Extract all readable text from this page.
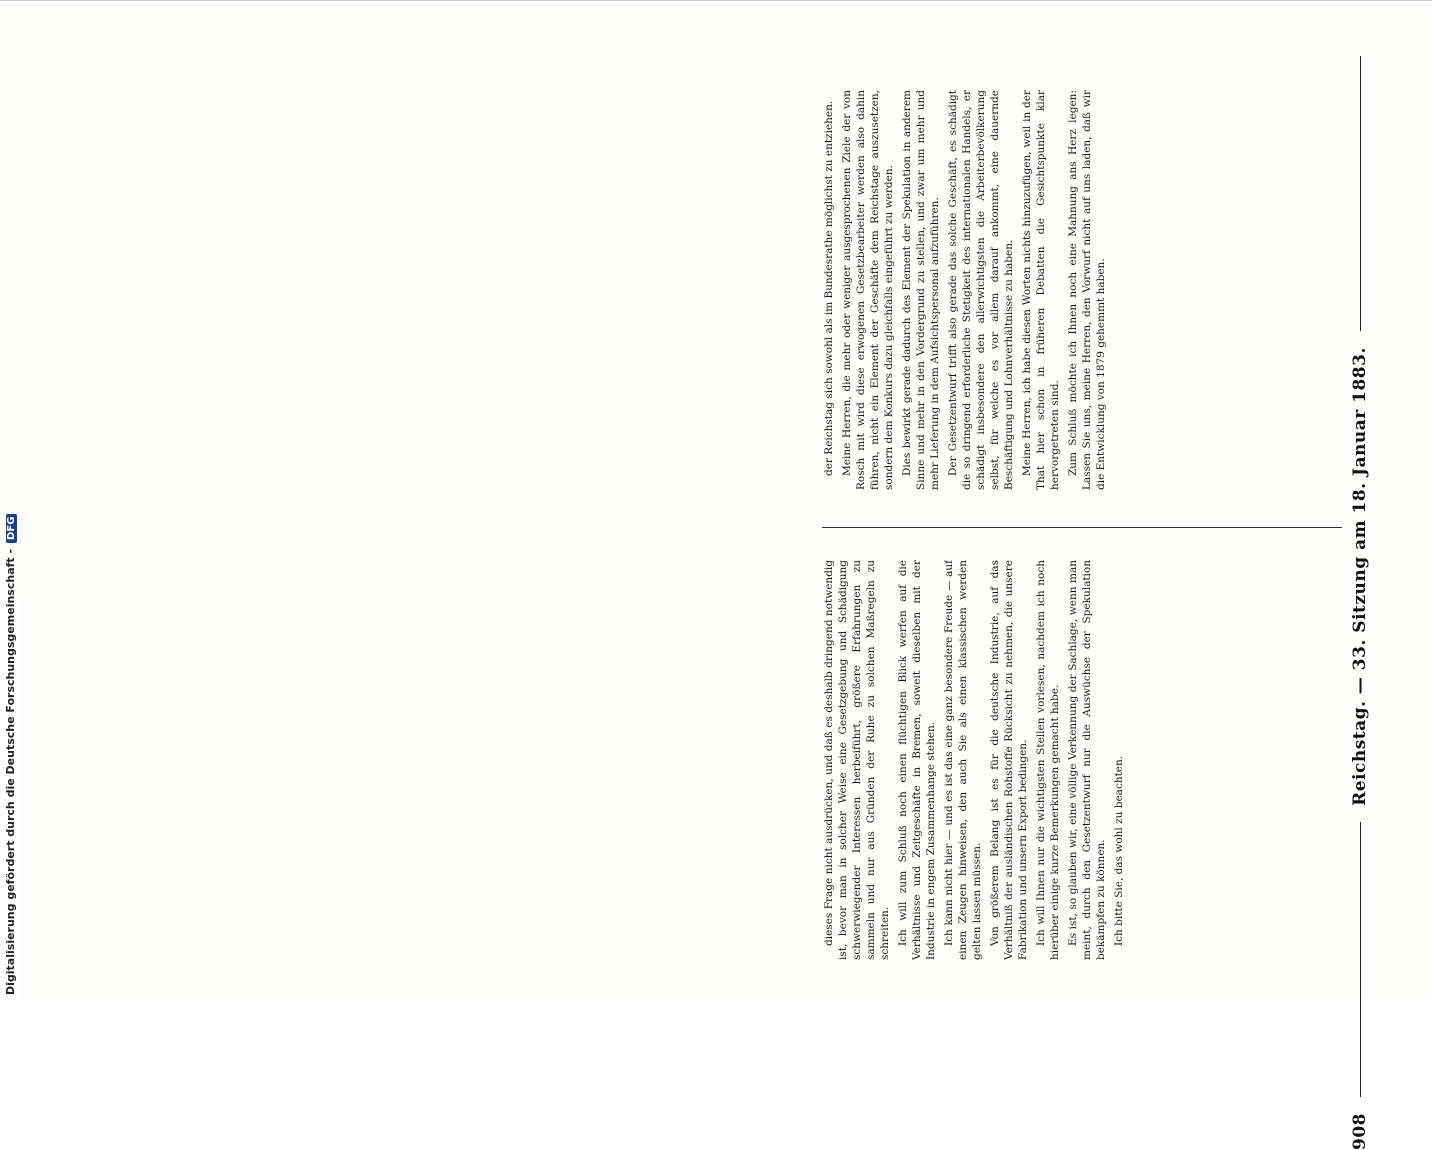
908
Reichstag. — 33. Sitzung am 18. Januar 1883.

dieses Frage nicht ausdrücken, und daß es deshalb dringend notwendig ist, bevor man in solcher Weise eine Gesetzgebung und Schädigung schwerwiegender Interessen herbeiführt, größere Erfahrungen zu sammeln und nur aus Gründen der Ruhe zu solchen Maßregeln zu schreiten. Ich will zum Schluß noch einen flüchtigen Blick werfen auf die Verhältnisse und Zeitgeschäfte in Bremen, soweit dieselben mit der Industrie in engem Zusammenhange stehen. Ich kann nicht hier — und es ist das eine ganz besondere Freude — auf einen Zeugen hinweisen, den auch Sie als einen klassischen werden gelten lassen müssen. Von größerem Belang ist es für die deutsche Industrie, auf das Verhältniß der ausländischen Rohstoffe Rücksicht zu nehmen, die unsere Fabrikation und unsern Export bedingen. Ich will Ihnen nur die wichtigsten Stellen vorlesen, nachdem ich noch hierüber einige kurze Bemerkungen gemacht habe. Es ist, so glauben wir, eine völlige Verkennung der Sachlage, wenn man meint, durch den Gesetzentwurf nur die Auswüchse der Spekulation bekämpfen zu können. Ich bitte Sie, das wohl zu beachten.

der Reichstag sich sowohl als im Bundesrathe möglichst zu entziehen. Meine Herren, die mehr oder weniger ausgesprochenen Ziele der von Rosch mit wird diese erwogenen Gesetzbearbeiter werden also dahin führen, nicht ein Element der Geschäfte dem Reichstage auszusetzen, sondern dem Konkurs dazu gleichfalls eingeführt zu werden. Dies bewirkt gerade dadurch des Element der Spekulation in anderem Sinne und mehr in den Vordergrund zu stellen, und zwar um mehr und mehr Lieferung in dem Aufsichtspersonal aufzuführen. Der Gesetzentwurf trifft also gerade das solche Geschäft, es schädigt die so dringend erforderliche Stetigkeit des internationalen Handels, er schädigt insbesondere den allerwichtigsten die Arbeiterbevölkerung selbst, für welche es vor allem darauf ankommt, eine dauernde Beschäftigung und Lohnverhältnisse zu haben. Meine Herren, ich habe diesen Worten nichts hinzuzufügen, weil in der That hier schon in früheren Debatten die Gesichtspunkte klar hervorgetreten sind. Zum Schluß möchte ich Ihnen noch eine Mahnung ans Herz legen: Lassen Sie uns, meine Herren, den Vorwurf nicht auf uns laden, daß wir die Entwicklung von 1879 gehemmt haben.

Digitalisierung gefördert durch die Deutsche Forschungsgemeinschaft -DFG
